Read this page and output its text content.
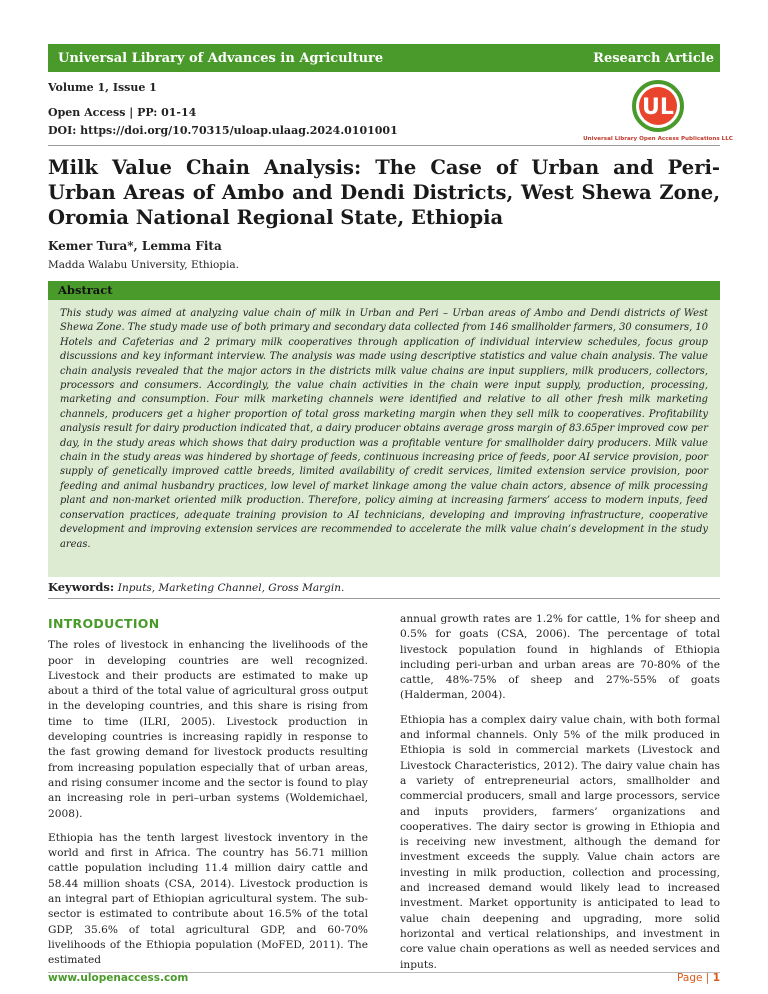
Universal Library of Advances in Agriculture	Research Article
Volume 1, Issue 1
Open Access | PP: 01-14
DOI: https://doi.org/10.70315/uloap.ulaag.2024.0101001
UL
Universal Library Open Access Publications LLC
Milk Value Chain Analysis: The Case of Urban and Peri-Urban Areas of Ambo and Dendi Districts, West Shewa Zone, Oromia National Regional State, Ethiopia
Kemer Tura*, Lemma Fita
Madda Walabu University, Ethiopia.
Abstract

This study was aimed at analyzing value chain of milk in Urban and Peri – Urban areas of Ambo and Dendi districts of West Shewa Zone. The study made use of both primary and secondary data collected from 146 smallholder farmers, 30 consumers, 10 Hotels and Cafeterias and 2 primary milk cooperatives through application of individual interview schedules, focus group discussions and key informant interview. The analysis was made using descriptive statistics and value chain analysis. The value chain analysis revealed that the major actors in the districts milk value chains are input suppliers, milk producers, collectors, processors and consumers. Accordingly, the value chain activities in the chain were input supply, production, processing, marketing and consumption. Four milk marketing channels were identified and relative to all other fresh milk marketing channels, producers get a higher proportion of total gross marketing margin when they sell milk to cooperatives. Profitability analysis result for dairy production indicated that, a dairy producer obtains average gross margin of 83.65per improved cow per day, in the study areas which shows that dairy production was a profitable venture for smallholder dairy producers. Milk value chain in the study areas was hindered by shortage of feeds, continuous increasing price of feeds, poor AI service provision, poor supply of genetically improved cattle breeds, limited availability of credit services, limited extension service provision, poor feeding and animal husbandry practices, low level of market linkage among the value chain actors, absence of milk processing plant and non-market oriented milk production. Therefore, policy aiming at increasing farmers’ access to modern inputs, feed conservation practices, adequate training provision to AI technicians, developing and improving infrastructure, cooperative development and improving extension services are recommended to accelerate the milk value chain’s development in the study areas.

Keywords: Inputs, Marketing Channel, Gross Margin.
INTRODUCTION

The roles of livestock in enhancing the livelihoods of the poor in developing countries are well recognized. Livestock and their products are estimated to make up about a third of the total value of agricultural gross output in the developing countries, and this share is rising from time to time (ILRI, 2005). Livestock production in developing countries is increasing rapidly in response to the fast growing demand for livestock products resulting from increasing population especially that of urban areas, and rising consumer income and the sector is found to play an increasing role in peri–urban systems (Woldemichael, 2008).

Ethiopia has the tenth largest livestock inventory in the world and first in Africa. The country has 56.71 million cattle population including 11.4 million dairy cattle and 58.44 million shoats (CSA, 2014). Livestock production is an integral part of Ethiopian agricultural system. The sub-sector is estimated to contribute about 16.5% of the total GDP, 35.6% of total agricultural GDP, and 60-70% livelihoods of the Ethiopia population (MoFED, 2011). The estimated

annual growth rates are 1.2% for cattle, 1% for sheep and 0.5% for goats (CSA, 2006). The percentage of total livestock population found in highlands of Ethiopia including peri-urban and urban areas are 70-80% of the cattle, 48%-75% of sheep and 27%-55% of goats (Halderman, 2004).

Ethiopia has a complex dairy value chain, with both formal and informal channels. Only 5% of the milk produced in Ethiopia is sold in commercial markets (Livestock and Livestock Characteristics, 2012). The dairy value chain has a variety of entrepreneurial actors, smallholder and commercial producers, small and large processors, service and inputs providers, farmers’ organizations and cooperatives. The dairy sector is growing in Ethiopia and is receiving new investment, although the demand for investment exceeds the supply. Value chain actors are investing in milk production, collection and processing, and increased demand would likely lead to increased investment. Market opportunity is anticipated to lead to value chain deepening and upgrading, more solid horizontal and vertical relationships, and investment in core value chain operations as well as needed services and inputs.

www.ulopenaccess.com	Page | 1
